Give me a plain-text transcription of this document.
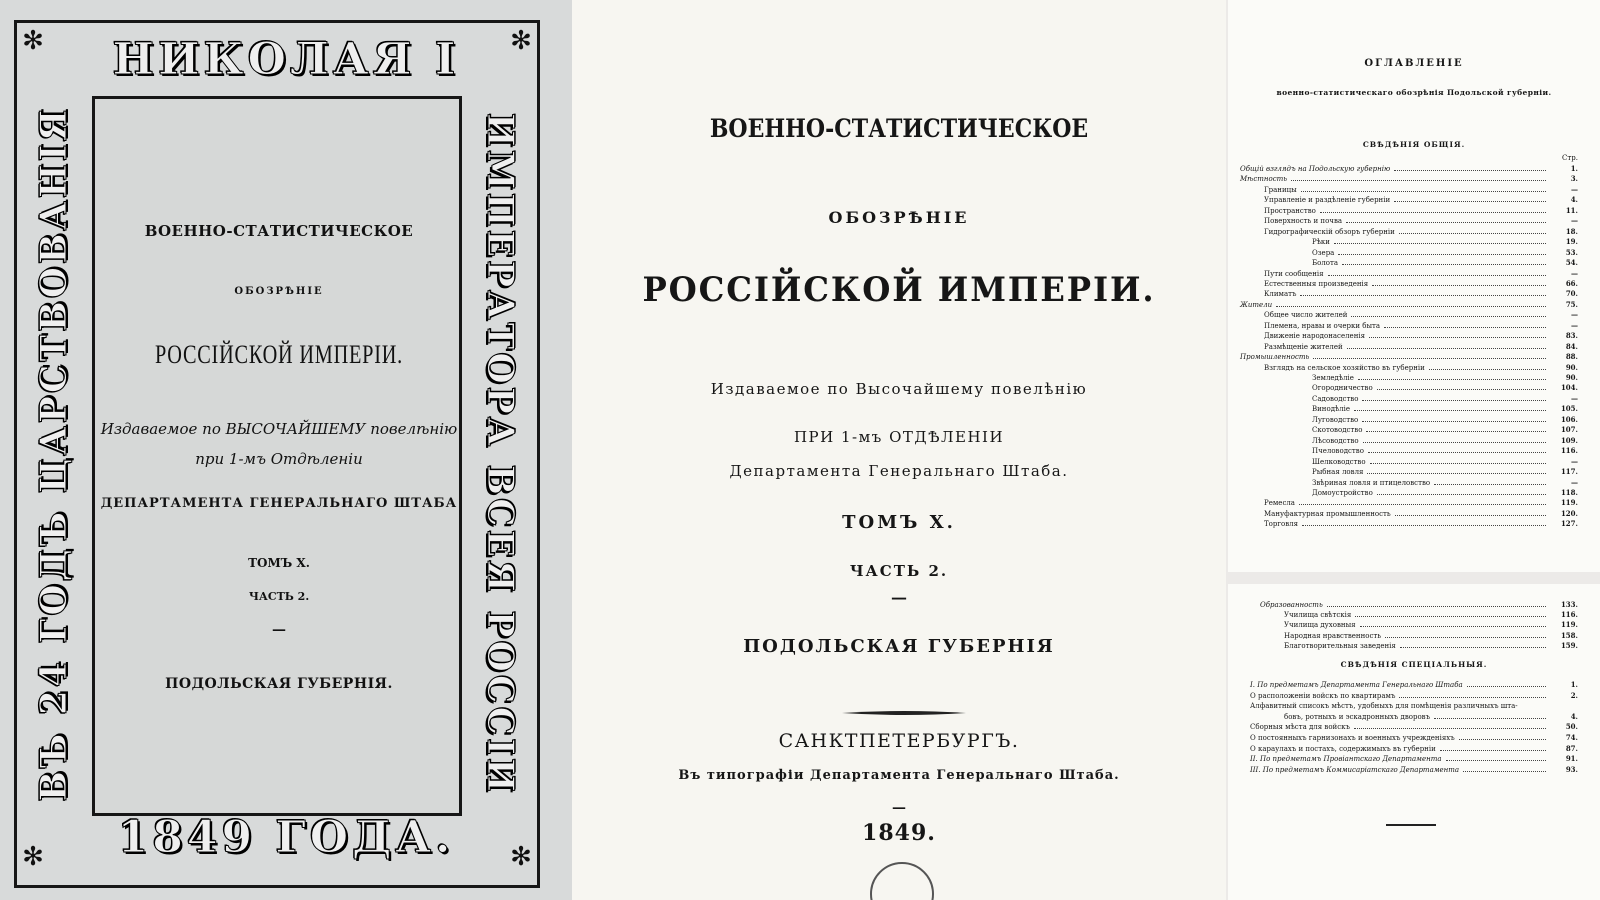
✻	✻
✻	✻
НИКОЛАЯ I
ВЪ 24 ГОДЪ ЦАРСТВОВАНІЯ	ИМПЕРАТОРА ВСЕЯ РОССІИ
1849 ГОДА.
ВОЕННО-СТАТИСТИЧЕСКОЕ
ОБОЗРѢНІЕ
РОССІЙСКОЙ ИМПЕРІИ.
Издаваемое по ВЫСОЧАЙШЕМУ повелѣнію
при 1-мъ Отдѣленіи
ДЕПАРТАМЕНТА ГЕНЕРАЛЬНАГО ШТАБА
ТОМЪ X.
ЧАСТЬ 2.
—
ПОДОЛЬСКАЯ ГУБЕРНІЯ.
ВОЕННО-СТАТИСТИЧЕСКОЕ
ОБОЗРѢНІЕ
РОССІЙСКОЙ ИМПЕРІИ.
Издаваемое по Высочайшему повелѣнію
ПРИ 1-мъ ОТДѢЛЕНІИ
Департамента Генеральнаго Штаба.
ТОМЪ X.
ЧАСТЬ 2.
—
ПОДОЛЬСКАЯ ГУБЕРНІЯ
САНКТПЕТЕРБУРГЪ.
Въ типографіи Департамента Генеральнаго Штаба.
—
1849.
ОГЛАВЛЕНІЕ
военно-статистическаго обозрѣнія Подольской губерніи.
СВѢДѢНІЯ ОБЩІЯ.
Стр.
Общій взглядъ на Подольскую губернію	1.
Мѣстность	3.
Границы	—
Управленіе и раздѣленіе губерніи	4.
Пространство	11.
Поверхность и почва	—
Гидрографическій обзоръ губерніи	18.
Рѣки	19.
Озера	53.
Болота	54.
Пути сообщенія	—
Естественныя произведенія	66.
Климатъ	70.
Жители	75.
Общее число жителей	—
Племена, нравы и очерки быта	—
Движеніе народонаселенія	83.
Размѣщеніе жителей	84.
Промышленность	88.
Взглядъ на сельское хозяйство въ губерніи	90.
Земледѣліе	90.
Огородничество	104.
Садоводство	—
Винодѣліе	105.
Луговодство	106.
Скотоводство	107.
Лѣсоводство	109.
Пчеловодство	116.
Шелководство	—
Рыбная ловля	117.
Звѣриная ловля и птицеловство	—
Домоустройство	118.
Ремесла	119.
Мануфактурная промышленность	120.
Торговля	127.
Образованность	133.
Училища свѣтскія	116.
Училища духовныя	119.
Народная нравственность	158.
Благотворительныя заведенія	159.
СВѢДѢНІЯ СПЕЦІАЛЬНЫЯ.
I. По предметамъ Департамента Генеральнаго Штаба	1.
О расположеніи войскъ по квартирамъ	2.
Алфавитный списокъ мѣстъ, удобныхъ для помѣщенія различныхъ шта-
бовъ, ротныхъ и эскадронныхъ дворовъ	4.
Сборныя мѣста для войскъ	50.
О постоянныхъ гарнизонахъ и военныхъ учрежденіяхъ	74.
О караулахъ и постахъ, содержимыхъ въ губерніи	87.
II. По предметамъ Провіантскаго Департамента	91.
III. По предметамъ Коммисаріатскаго Департамента	93.
